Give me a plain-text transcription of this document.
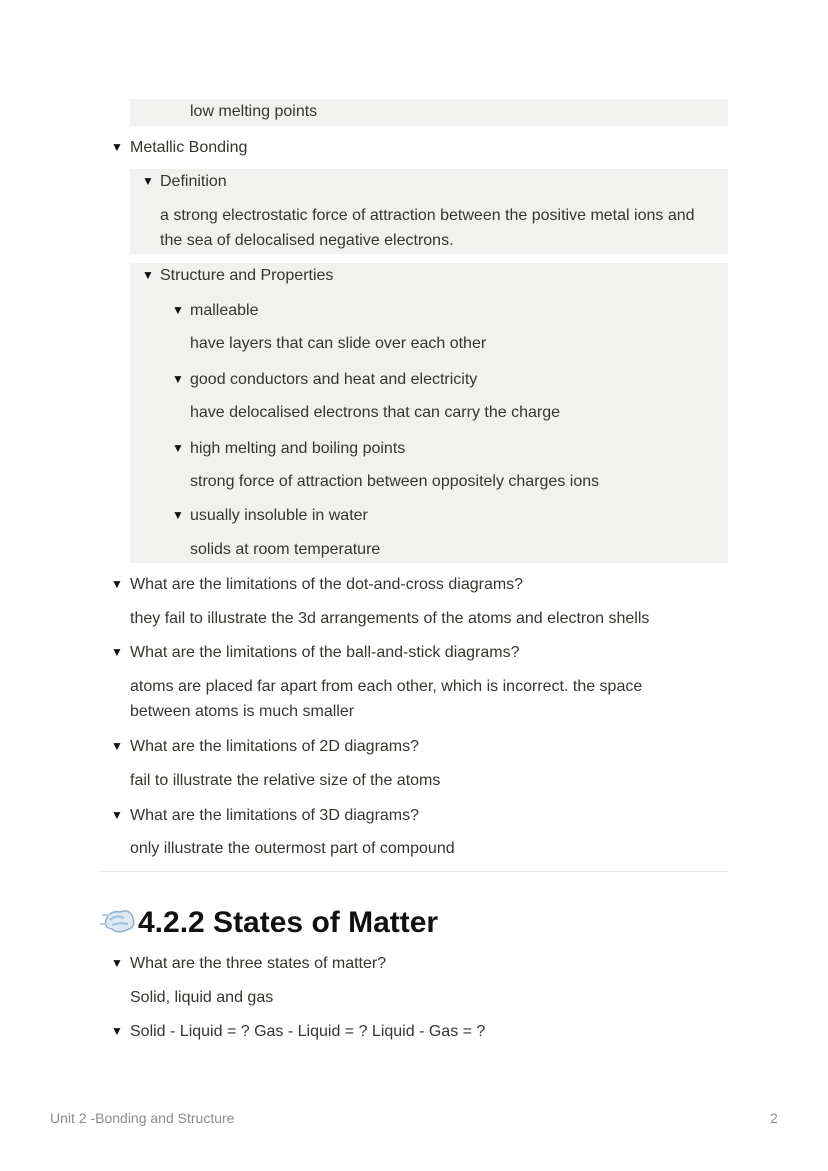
low melting points
▼ Metallic Bonding
▼ Definition
a strong electrostatic force of attraction between the positive metal ions and
the sea of delocalised negative electrons.
▼ Structure and Properties
▼ malleable
have layers that can slide over each other
▼ good conductors and heat and electricity
have delocalised electrons that can carry the charge
▼ high melting and boiling points
strong force of attraction between oppositely charges ions
▼ usually insoluble in water
solids at room temperature
▼ What are the limitations of the dot-and-cross diagrams?
they fail to illustrate the 3d arrangements of the atoms and electron shells
▼ What are the limitations of the ball-and-stick diagrams?
atoms are placed far apart from each other, which is incorrect. the space
between atoms is much smaller
▼ What are the limitations of 2D diagrams?
fail to illustrate the relative size of the atoms
▼ What are the limitations of 3D diagrams?
only illustrate the outermost part of compound
4.2.2 States of Matter
▼ What are the three states of matter?
Solid, liquid and gas
▼ Solid - Liquid = ? Gas - Liquid = ? Liquid - Gas = ?
Unit 2 -Bonding and Structure	2
